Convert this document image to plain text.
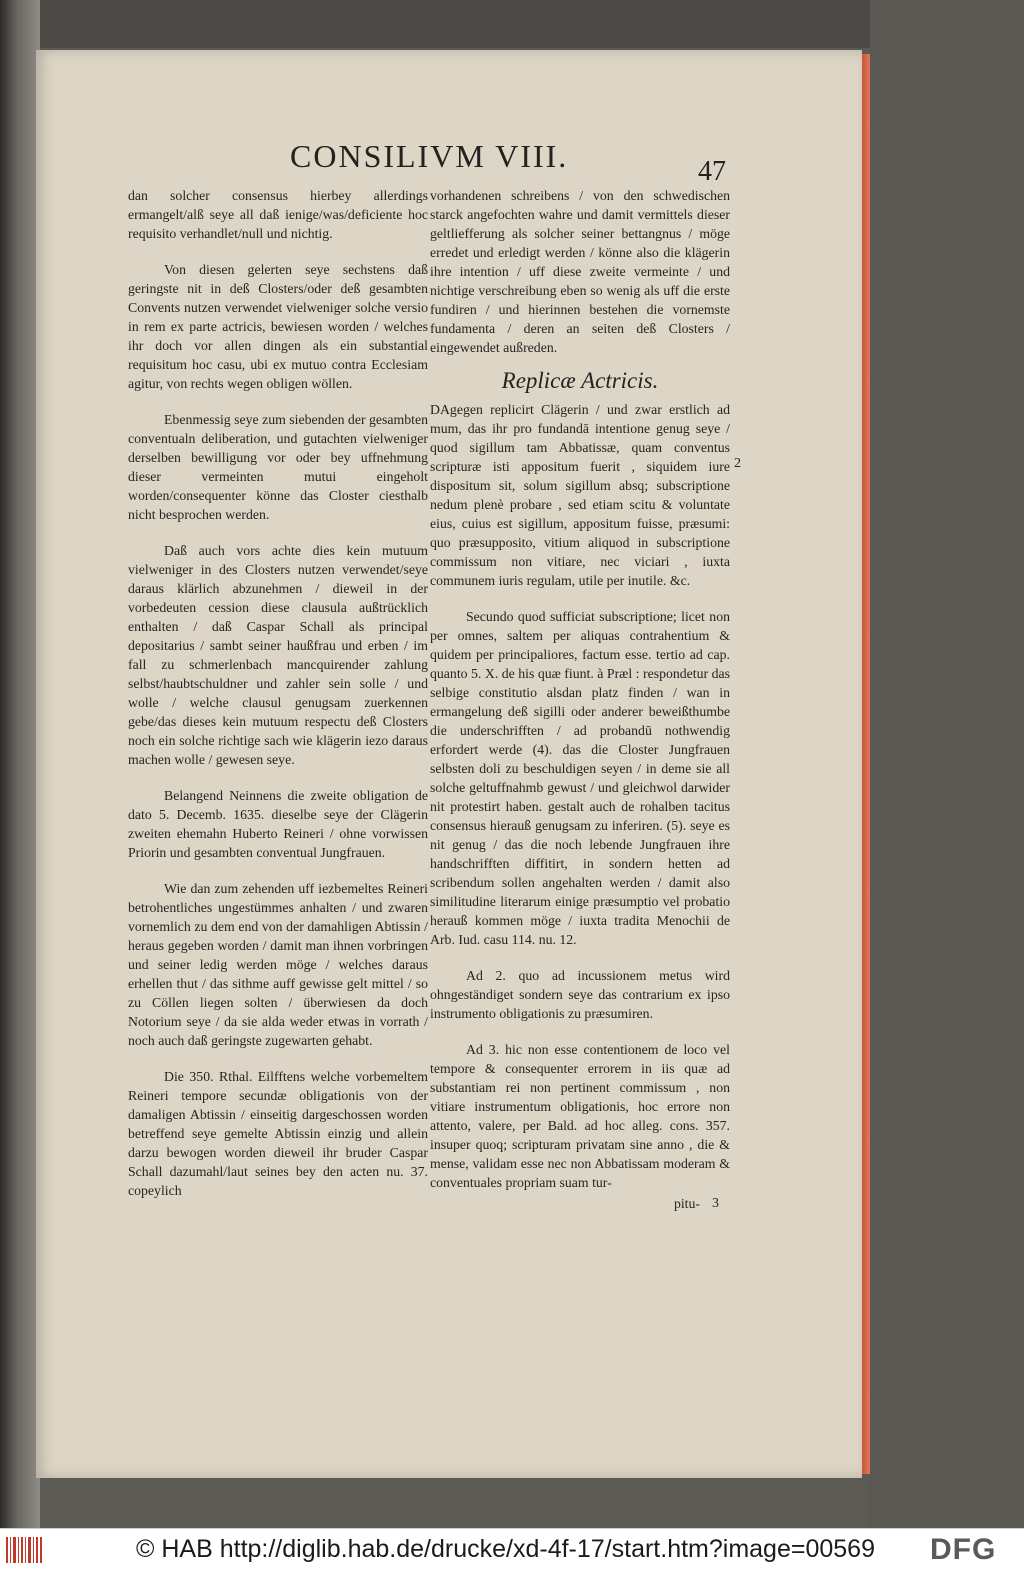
CONSILIVM VIII.	47

dan solcher consensus hierbey allerdings ermangelt/alß seye all daß ienige/was/deficiente hoc requisito verhandlet/null und nichtig.

Von diesen gelerten seye sechstens daß geringste nit in deß Closters/oder deß gesambten Convents nutzen verwendet vielweniger solche versio in rem ex parte actricis, bewiesen worden / welches ihr doch vor allen dingen als ein substantial requisitum hoc casu, ubi ex mutuo contra Ecclesiam agitur, von rechts wegen obligen wöllen.

Ebenmessig seye zum siebenden der gesambten conventualn deliberation, und gutachten vielweniger derselben bewilligung vor oder bey uffnehmung dieser vermeinten mutui eingeholt worden/consequenter könne das Closter ciesthalb nicht besprochen werden.

Daß auch vors achte dies kein mutuum vielweniger in des Closters nutzen verwendet/seye daraus klärlich abzunehmen / dieweil in der vorbedeuten cession diese clausula außtrücklich enthalten / daß Caspar Schall als principal depositarius / sambt seiner haußfrau und erben / im fall zu schmerlenbach mancquirender zahlung selbst/haubtschuldner und zahler sein solle / und wolle / welche clausul genugsam zuerkennen gebe/das dieses kein mutuum respectu deß Closters noch ein solche richtige sach wie klägerin iezo daraus machen wolle / gewesen seye.

Belangend Neinnens die zweite obligation de dato 5. Decemb. 1635. dieselbe seye der Clägerin zweiten ehemahn Huberto Reineri / ohne vorwissen Priorin und gesambten conventual Jungfrauen.

Wie dan zum zehenden uff iezbemeltes Reineri betrohentliches ungestümmes anhalten / und zwaren vornemlich zu dem end von der damahligen Abtissin / heraus gegeben worden / damit man ihnen vorbringen und seiner ledig werden möge / welches daraus erhellen thut / das sithme auff gewisse gelt mittel / so zu Cöllen liegen solten / überwiesen da doch Notorium seye / da sie alda weder etwas in vorrath / noch auch daß geringste zugewarten gehabt.

Die 350. Rthal. Eilfftens welche vorbemeltem Reineri tempore secundæ obligationis von der damaligen Abtissin / einseitig dargeschossen worden betreffend seye gemelte Abtissin einzig und allein darzu bewogen worden dieweil ihr bruder Caspar Schall dazumahl/laut seines bey den acten nu. 37. copeylich

vorhandenen schreibens / von den schwedischen starck angefochten wahre und damit vermittels dieser geltliefferung als solcher seiner bettangnus / möge erredet und erledigt werden / könne also die klägerin ihre intention / uff diese zweite vermeinte / und nichtige verschreibung eben so wenig als uff die erste fundiren / und hierinnen bestehen die vornemste fundamenta / deren an seiten deß Closters / eingewendet außreden.

Replicæ Actricis.

DAgegen replicirt Clägerin / und zwar erstlich ad mum, das ihr pro fundandā intentione genug seye / quod sigillum tam Abbatissæ, quam conventus scripturæ isti appositum fuerit , siquidem iure dispositum sit, solum sigillum absq; subscriptione nedum plenè probare , sed etiam scitu & voluntate eius, cuius est sigillum, appositum fuisse, præsumi: quo præsupposito, vitium aliquod in subscriptione commissum non vitiare, nec viciari , iuxta communem iuris regulam, utile per inutile. &c.

Secundo quod sufficiat subscriptione; licet non per omnes, saltem per aliquas contrahentium & quidem per principaliores, factum esse. tertio ad cap. quanto 5. X. de his quæ fiunt. à Præl : respondetur das selbige constitutio alsdan platz finden / wan in ermangelung deß sigilli oder anderer beweißthumbe die underschrifften / ad probandū nothwendig erfordert werde (4). das die Closter Jungfrauen selbsten doli zu beschuldigen seyen / in deme sie all solche geltuffnahmb gewust / und gleichwol darwider nit protestirt haben. gestalt auch de rohalben tacitus consensus hierauß genugsam zu inferiren. (5). seye es nit genug / das die noch lebende Jungfrauen ihre handschrifften diffitirt, in sondern hetten ad scribendum sollen angehalten werden / damit also similitudine literarum einige præsumptio vel probatio herauß kommen möge / iuxta tradita Menochii de Arb. Iud. casu 114. nu. 12.

Ad 2. quo ad incussionem metus wird ohngeständiget sondern seye das contrarium ex ipso instrumento obligationis zu præsumiren.

Ad 3. hic non esse contentionem de loco vel tempore & consequenter errorem in iis quæ ad substantiam rei non pertinent commissum , non vitiare instrumentum obligationis, hoc errore non attento, valere, per Bald. ad hoc alleg. cons. 357. insuper quoq; scripturam privatam sine anno , die & mense, validam esse nec non Abbatissam moderam & conventuales propriam suam tur-

pitu-
2
3
© HAB http://diglib.hab.de/drucke/xd-4f-17/start.htm?image=00569 DFG
